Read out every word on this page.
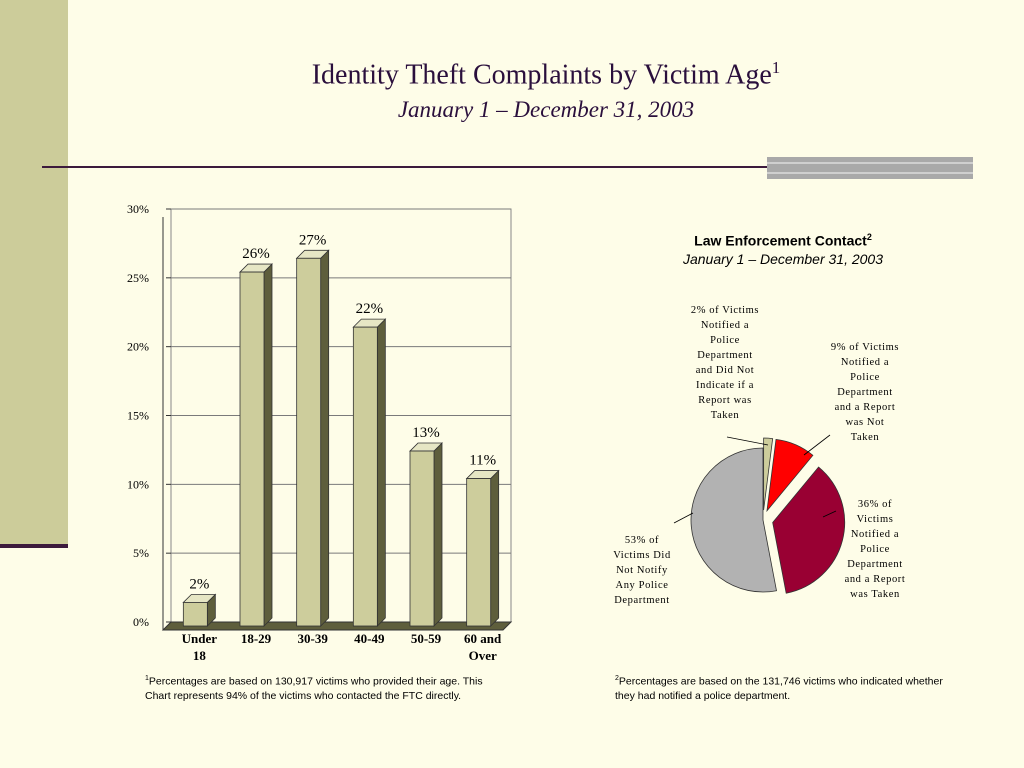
Identity Theft Complaints by Victim Age$^1$
January 1 – December 31, 2003
0%
5%
10%
15%
20%
25%
30%
2%
Under
18
26%
18-29
27%
30-39
22%
40-49
13%
50-59
11%
60 and
Over
Law Enforcement Contact$^2$
January 1 – December 31, 2003
2% of Victims Notified a Police Department and Did Not Indicate if a Report was Taken
9% of Victims Notified a Police Department and a Report was Not Taken
36% of Victims Notified a Police Department and a Report was Taken
53% of Victims Did Not Notify Any Police Department
$^1$Percentages are based on 130,917 victims who provided their age. This
Chart represents 94% of the victims who contacted the FTC directly.
$^2$Percentages are based on the 131,746 victims who indicated whether
they had notified a police department.
